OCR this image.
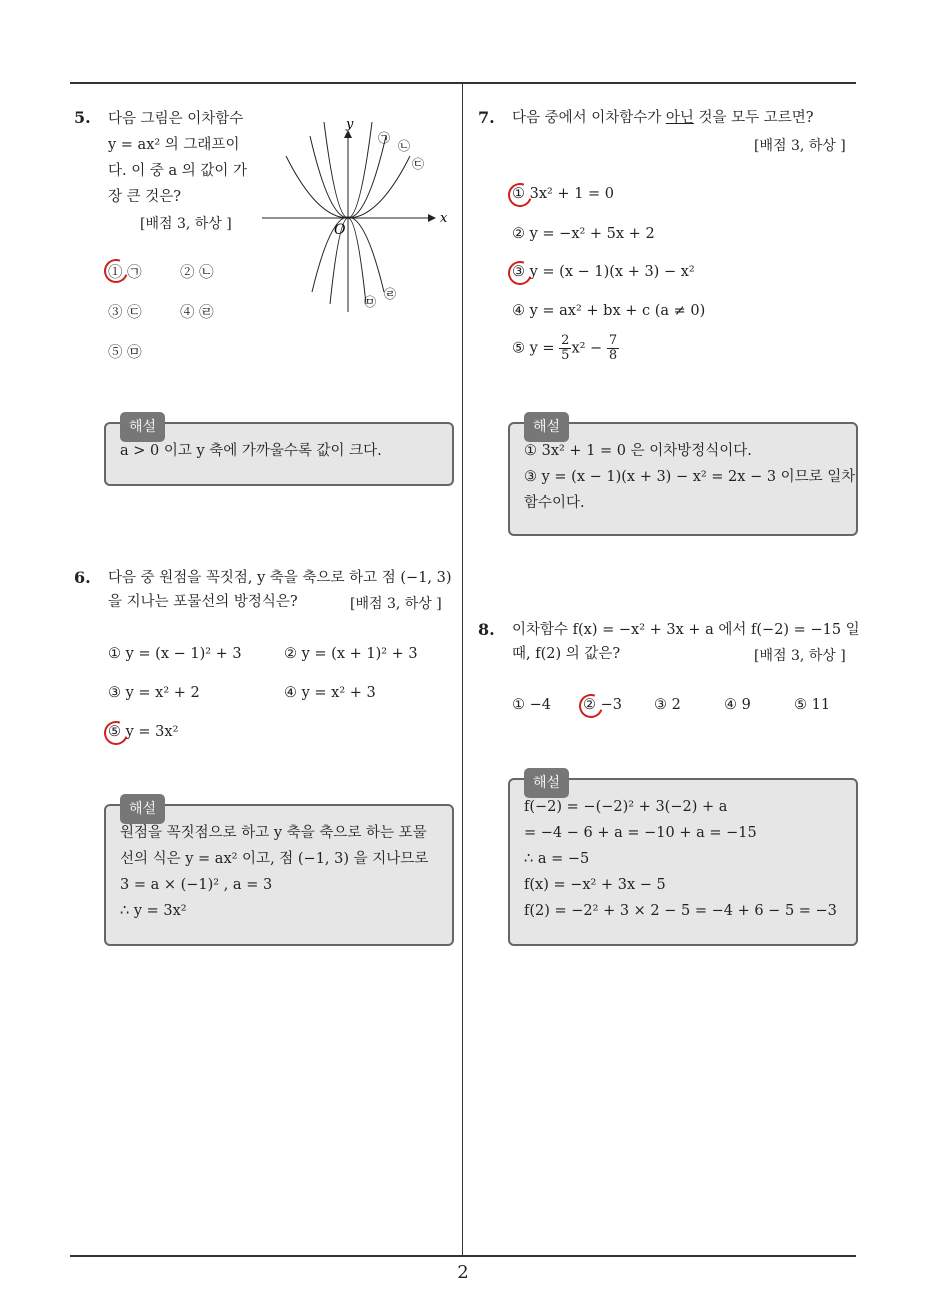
5. 다음 그림은 이차함수
y = ax² 의 그래프이
다. 이 중 a 의 값이 가
장 큰 것은?
[배점 3, 하상 ]
y
x
O
㉠
㉡
㉢
㉣
㉤
① ㉠	② ㉡
③ ㉢	④ ㉣
⑤ ㉤
해설
a > 0 이고 y 축에 가까울수록 값이 크다.
6. 다음 중 원점을 꼭짓점, y 축을 축으로 하고 점 (−1, 3)
을 지나는 포물선의 방정식은?	[배점 3, 하상 ]
① y = (x − 1)² + 3	② y = (x + 1)² + 3
③ y = x² + 2	④ y = x² + 3
⑤ y = 3x²
해설
원점을 꼭짓점으로 하고 y 축을 축으로 하는 포물
선의 식은 y = ax² 이고, 점 (−1, 3) 을 지나므로
3 = a × (−1)² , a = 3
∴ y = 3x²
7. 다음 중에서 이차함수가 아닌 것을 모두 고르면?
[배점 3, 하상 ]
① 3x² + 1 = 0
② y = −x² + 5x + 2
③ y = (x − 1)(x + 3) − x²
④ y = ax² + bx + c (a ≠ 0)
⑤ $y = \frac{2}{5} x^2 - \frac{7}{8}$
해설
① 3x² + 1 = 0 은 이차방정식이다.
③ y = (x − 1)(x + 3) − x² = 2x − 3 이므로 일차
함수이다.
8. 이차함수 f(x) = −x² + 3x + a 에서 f(−2) = −15 일
때, f(2) 의 값은?	[배점 3, 하상 ]
① −4 ② −3 ③ 2	④ 9	⑤ 11
해설
f(−2) = −(−2)² + 3(−2) + a
= −4 − 6 + a = −10 + a = −15
∴ a = −5
f(x) = −x² + 3x − 5
f(2) = −2² + 3 × 2 − 5 = −4 + 6 − 5 = −3
2
